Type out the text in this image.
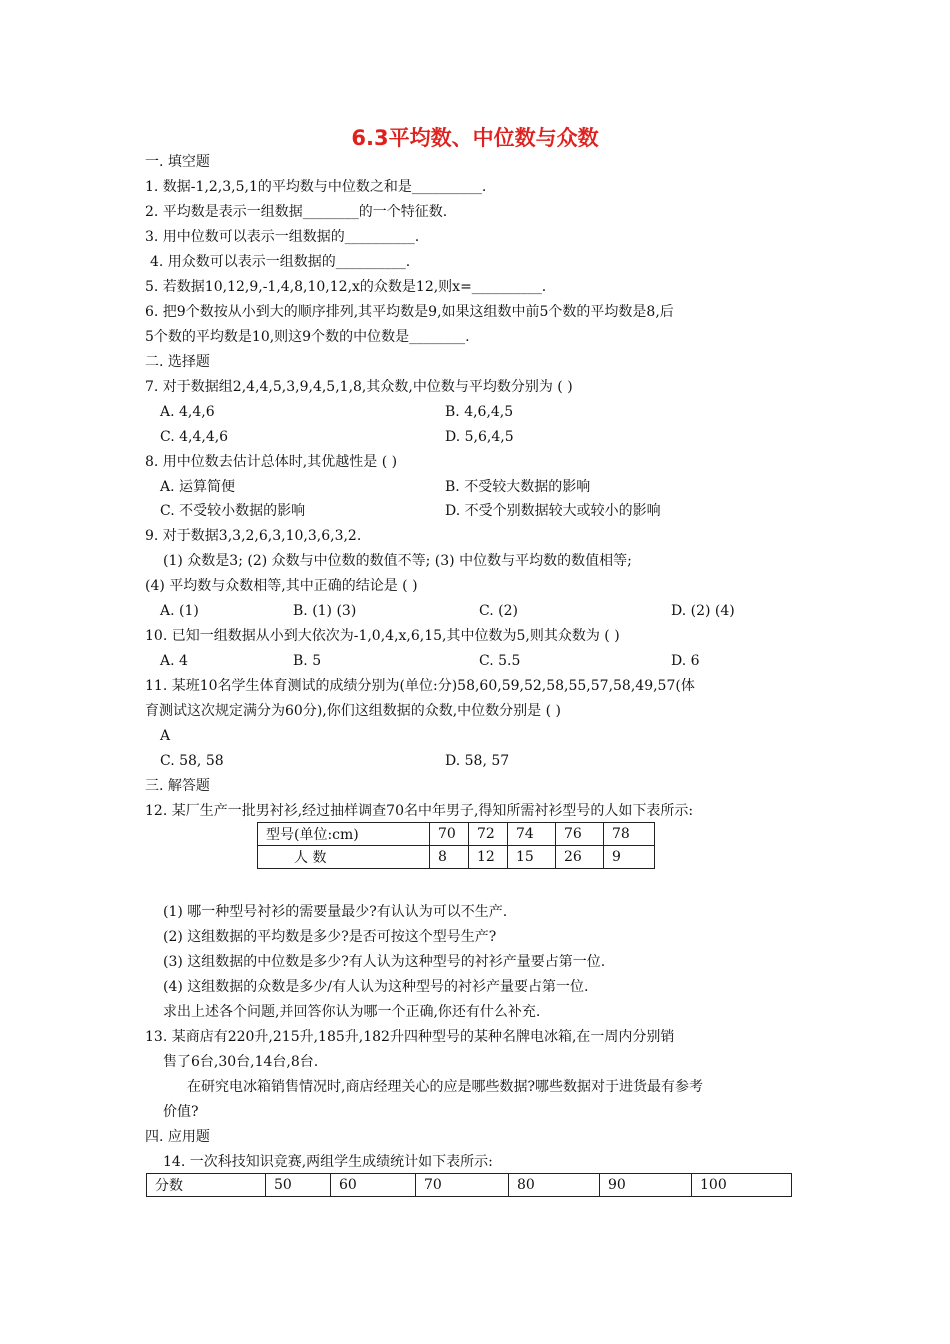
6.3平均数、中位数与众数
一. 填空题
1. 数据-1,2,3,5,1的平均数与中位数之和是__________.
2. 平均数是表示一组数据________的一个特征数.
3. 用中位数可以表示一组数据的__________.
4. 用众数可以表示一组数据的__________.
5. 若数据10,12,9,-1,4,8,10,12,x的众数是12,则x=__________.
6. 把9个数按从小到大的顺序排列,其平均数是9,如果这组数中前5个数的平均数是8,后
5个数的平均数是10,则这9个数的中位数是________.
二. 选择题
7. 对于数据组2,4,4,5,3,9,4,5,1,8,其众数,中位数与平均数分别为 ( )
A. 4,4,6	B. 4,6,4,5
C. 4,4,4,6	D. 5,6,4,5
8. 用中位数去估计总体时,其优越性是 ( )
A. 运算简便	B. 不受较大数据的影响
C. 不受较小数据的影响	D. 不受个别数据较大或较小的影响
9. 对于数据3,3,2,6,3,10,3,6,3,2.
(1) 众数是3; (2) 众数与中位数的数值不等; (3) 中位数与平均数的数值相等;
(4) 平均数与众数相等,其中正确的结论是 ( )
A. (1)	B. (1) (3)	C. (2)	D. (2) (4)
10. 已知一组数据从小到大依次为-1,0,4,x,6,15,其中位数为5,则其众数为 ( )
A. 4	B. 5	C. 5.5	D. 6
11. 某班10名学生体育测试的成绩分别为(单位:分)58,60,59,52,58,55,57,58,49,57(体
育测试这次规定满分为60分),你们这组数据的众数,中位数分别是 ( )
A
C. 58, 58	D. 58, 57
三. 解答题
12. 某厂生产一批男衬衫,经过抽样调查70名中年男子,得知所需衬衫型号的人如下表所示:
型号(单位:cm)	70	72	74	76	78
人 数	8	12	15	26	9
(1) 哪一种型号衬衫的需要量最少?有认认为可以不生产.
(2) 这组数据的平均数是多少?是否可按这个型号生产?
(3) 这组数据的中位数是多少?有人认为这种型号的衬衫产量要占第一位.
(4) 这组数据的众数是多少/有人认为这种型号的衬衫产量要占第一位.
求出上述各个问题,并回答你认为哪一个正确,你还有什么补充.
13. 某商店有220升,215升,185升,182升四种型号的某种名牌电冰箱,在一周内分别销
售了6台,30台,14台,8台.
在研究电冰箱销售情况时,商店经理关心的应是哪些数据?哪些数据对于进货最有参考
价值?
四. 应用题
14. 一次科技知识竞赛,两组学生成绩统计如下表所示:
分数	50	60	70	80	90	100
